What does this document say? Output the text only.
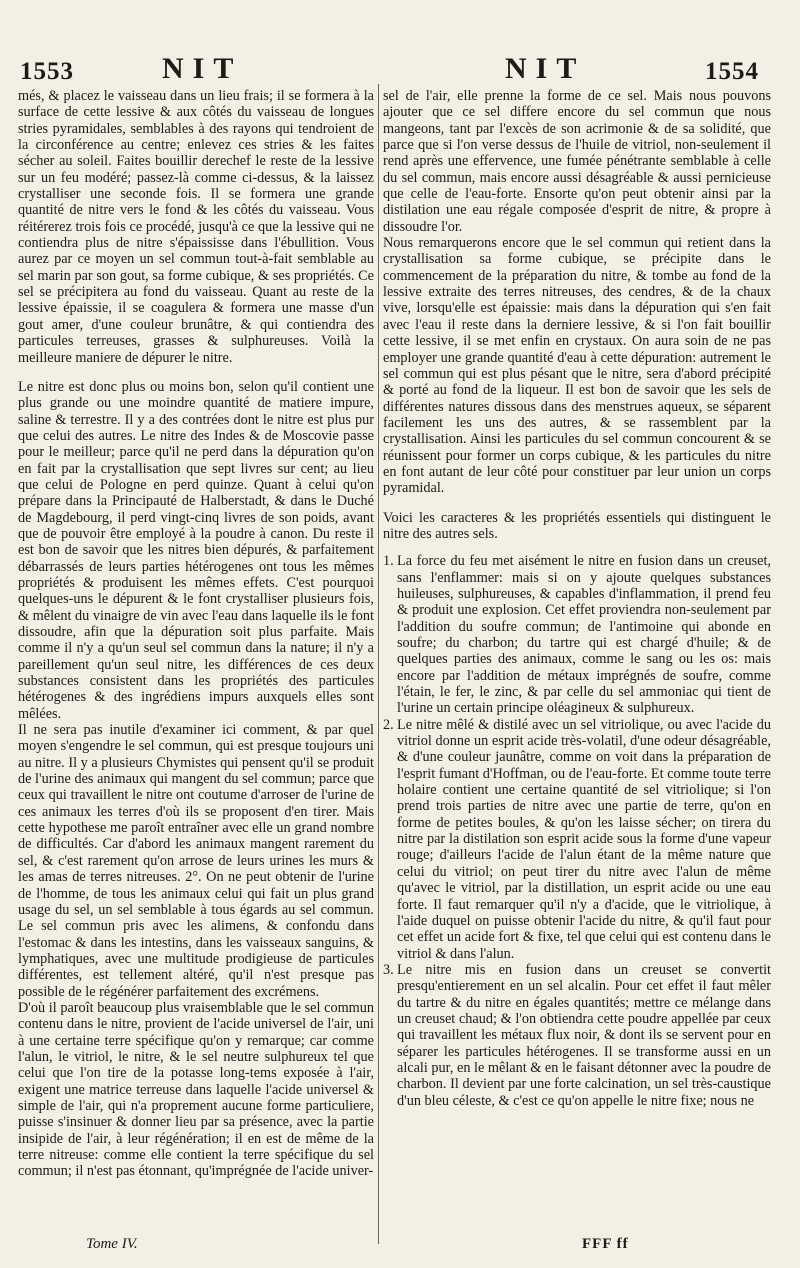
1553	NIT	NIT	1554

més, & placez le vaisseau dans un lieu frais; il se formera à la surface de cette lessive & aux côtés du vaisseau de longues stries pyramidales, semblables à des rayons qui tendroient de la circonférence au centre; enlevez ces stries & les faites sécher au soleil. Faites bouillir derechef le reste de la lessive sur un feu modéré; passez-là comme ci-dessus, & la laissez crystalliser une seconde fois. Il se formera une grande quantité de nitre vers le fond & les côtés du vaisseau. Vous réitérerez trois fois ce procédé, jusqu'à ce que la lessive qui ne contiendra plus de nitre s'épaississe dans l'ébullition. Vous aurez par ce moyen un sel commun tout-à-fait semblable au sel marin par son gout, sa forme cubique, & ses propriétés. Ce sel se précipitera au fond du vaisseau. Quant au reste de la lessive épaissie, il se coagulera & formera une masse d'un gout amer, d'une couleur brunâtre, & qui contiendra des particules terreuses, grasses & sulphureuses. Voilà la meilleure maniere de dépurer le nitre.

Le nitre est donc plus ou moins bon, selon qu'il contient une plus grande ou une moindre quantité de matiere impure, saline & terrestre. Il y a des contrées dont le nitre est plus pur que celui des autres. Le nitre des Indes & de Moscovie passe pour le meilleur; parce qu'il ne perd dans la dépuration qu'on en fait par la crystallisation que sept livres sur cent; au lieu que celui de Pologne en perd quinze. Quant à celui qu'on prépare dans la Principauté de Halberstadt, & dans le Duché de Magdebourg, il perd vingt-cinq livres de son poids, avant que de pouvoir être employé à la poudre à canon. Du reste il est bon de savoir que les nitres bien dépurés, & parfaitement débarrassés de leurs parties hétérogenes ont tous les mêmes propriétés & produisent les mêmes effets. C'est pourquoi quelques-uns le dépurent & le font crystalliser plusieurs fois, & mêlent du vinaigre de vin avec l'eau dans laquelle ils le font dissoudre, afin que la dépuration soit plus parfaite. Mais comme il n'y a qu'un seul sel commun dans la nature; il n'y a pareillement qu'un seul nitre, les différences de ces deux substances consistent dans les propriétés des particules hétérogenes & des ingrédiens impurs auxquels elles sont mêlées.

Il ne sera pas inutile d'examiner ici comment, & par quel moyen s'engendre le sel commun, qui est presque toujours uni au nitre. Il y a plusieurs Chymistes qui pensent qu'il se produit de l'urine des animaux qui mangent du sel commun; parce que ceux qui travaillent le nitre ont coutume d'arroser de l'urine de ces animaux les terres d'où ils se proposent d'en tirer. Mais cette hypothese me paroît entraîner avec elle un grand nombre de difficultés. Car d'abord les animaux mangent rarement du sel, & c'est rarement qu'on arrose de leurs urines les murs & les amas de terres nitreuses. 2°. On ne peut obtenir de l'urine de l'homme, de tous les animaux celui qui fait un plus grand usage du sel, un sel semblable à tous égards au sel commun. Le sel commun pris avec les alimens, & confondu dans l'estomac & dans les intestins, dans les vaisseaux sanguins, & lymphatiques, avec une multitude prodigieuse de particules différentes, est tellement altéré, qu'il n'est presque pas possible de le régénérer parfaitement des excrémens.

D'où il paroît beaucoup plus vraisemblable que le sel commun contenu dans le nitre, provient de l'acide universel de l'air, uni à une certaine terre spécifique qu'on y remarque; car comme l'alun, le vitriol, le nitre, & le sel neutre sulphureux tel que celui que l'on tire de la potasse long-tems exposée à l'air, exigent une matrice terreuse dans laquelle l'acide universel & simple de l'air, qui n'a proprement aucune forme particuliere, puisse s'insinuer & donner lieu par sa présence, avec la partie insipide de l'air, à leur régénération; il en est de même de la terre nitreuse: comme elle contient la terre spécifique du sel commun; il n'est pas étonnant, qu'imprégnée de l'acide univer-

sel de l'air, elle prenne la forme de ce sel. Mais nous pouvons ajouter que ce sel differe encore du sel commun que nous mangeons, tant par l'excès de son acrimonie & de sa solidité, que parce que si l'on verse dessus de l'huile de vitriol, non-seulement il rend après une effervence, une fumée pénétrante semblable à celle du sel commun, mais encore aussi désagréable & aussi pernicieuse que celle de l'eau-forte. Ensorte qu'on peut obtenir ainsi par la distilation une eau régale composée d'esprit de nitre, & propre à dissoudre l'or.

Nous remarquerons encore que le sel commun qui retient dans la crystallisation sa forme cubique, se précipite dans le commencement de la préparation du nitre, & tombe au fond de la lessive extraite des terres nitreuses, des cendres, & de la chaux vive, lorsqu'elle est épaissie: mais dans la dépuration qui s'en fait avec l'eau il reste dans la derniere lessive, & si l'on fait bouillir cette lessive, il se met enfin en crystaux. On aura soin de ne pas employer une grande quantité d'eau à cette dépuration: autrement le sel commun qui est plus pésant que le nitre, sera d'abord précipité & porté au fond de la liqueur. Il est bon de savoir que les sels de différentes natures dissous dans des menstrues aqueux, se séparent facilement les uns des autres, & se rassemblent par la crystallisation. Ainsi les particules du sel commun concourent & se réunissent pour former un corps cubique, & les particules du nitre en font autant de leur côté pour constituer par leur union un corps pyramidal.

Voici les caracteres & les propriétés essentiels qui distinguent le nitre des autres sels.

1. La force du feu met aisément le nitre en fusion dans un creuset, sans l'enflammer: mais si on y ajoute quelques substances huileuses, sulphureuses, & capables d'inflammation, il prend feu & produit une explosion. Cet effet proviendra non-seulement par l'addition du soufre commun; de l'antimoine qui abonde en soufre; du charbon; du tartre qui est chargé d'huile; & de quelques parties des animaux, comme le sang ou les os: mais encore par l'addition de métaux imprégnés de soufre, comme l'étain, le fer, le zinc, & par celle du sel ammoniac qui tient de l'urine un certain principe oléagineux & sulphureux.
2. Le nitre mêlé & distilé avec un sel vitriolique, ou avec l'acide du vitriol donne un esprit acide très-volatil, d'une odeur désagréable, & d'une couleur jaunâtre, comme on voit dans la préparation de l'esprit fumant d'Hoffman, ou de l'eau-forte. Et comme toute terre holaire contient une certaine quantité de sel vitriolique; si l'on prend trois parties de nitre avec une partie de terre, qu'on en forme de petites boules, & qu'on les laisse sécher; on tirera du nitre par la distilation son esprit acide sous la forme d'une vapeur rouge; d'ailleurs l'acide de l'alun étant de la même nature que celui du vitriol; on peut tirer du nitre avec l'alun de même qu'avec le vitriol, par la distillation, un esprit acide ou une eau forte. Il faut remarquer qu'il n'y a d'acide, que le vitriolique, à l'aide duquel on puisse obtenir l'acide du nitre, & qu'il faut pour cet effet un acide fort & fixe, tel que celui qui est contenu dans le vitriol & dans l'alun.
3. Le nitre mis en fusion dans un creuset se convertit presqu'entierement en un sel alcalin. Pour cet effet il faut mêler du tartre & du nitre en égales quantités; mettre ce mélange dans un creuset chaud; & l'on obtiendra cette poudre appellée par ceux qui travaillent les métaux flux noir, & dont ils se servent pour en séparer les particules hétérogenes. Il se transforme aussi en un alcali pur, en le mêlant & en le faisant détonner avec la poudre de charbon. Il devient par une forte calcination, un sel très-caustique d'un bleu céleste, & c'est ce qu'on appelle le nitre fixe; nous ne
Tome IV.	FFF ff
